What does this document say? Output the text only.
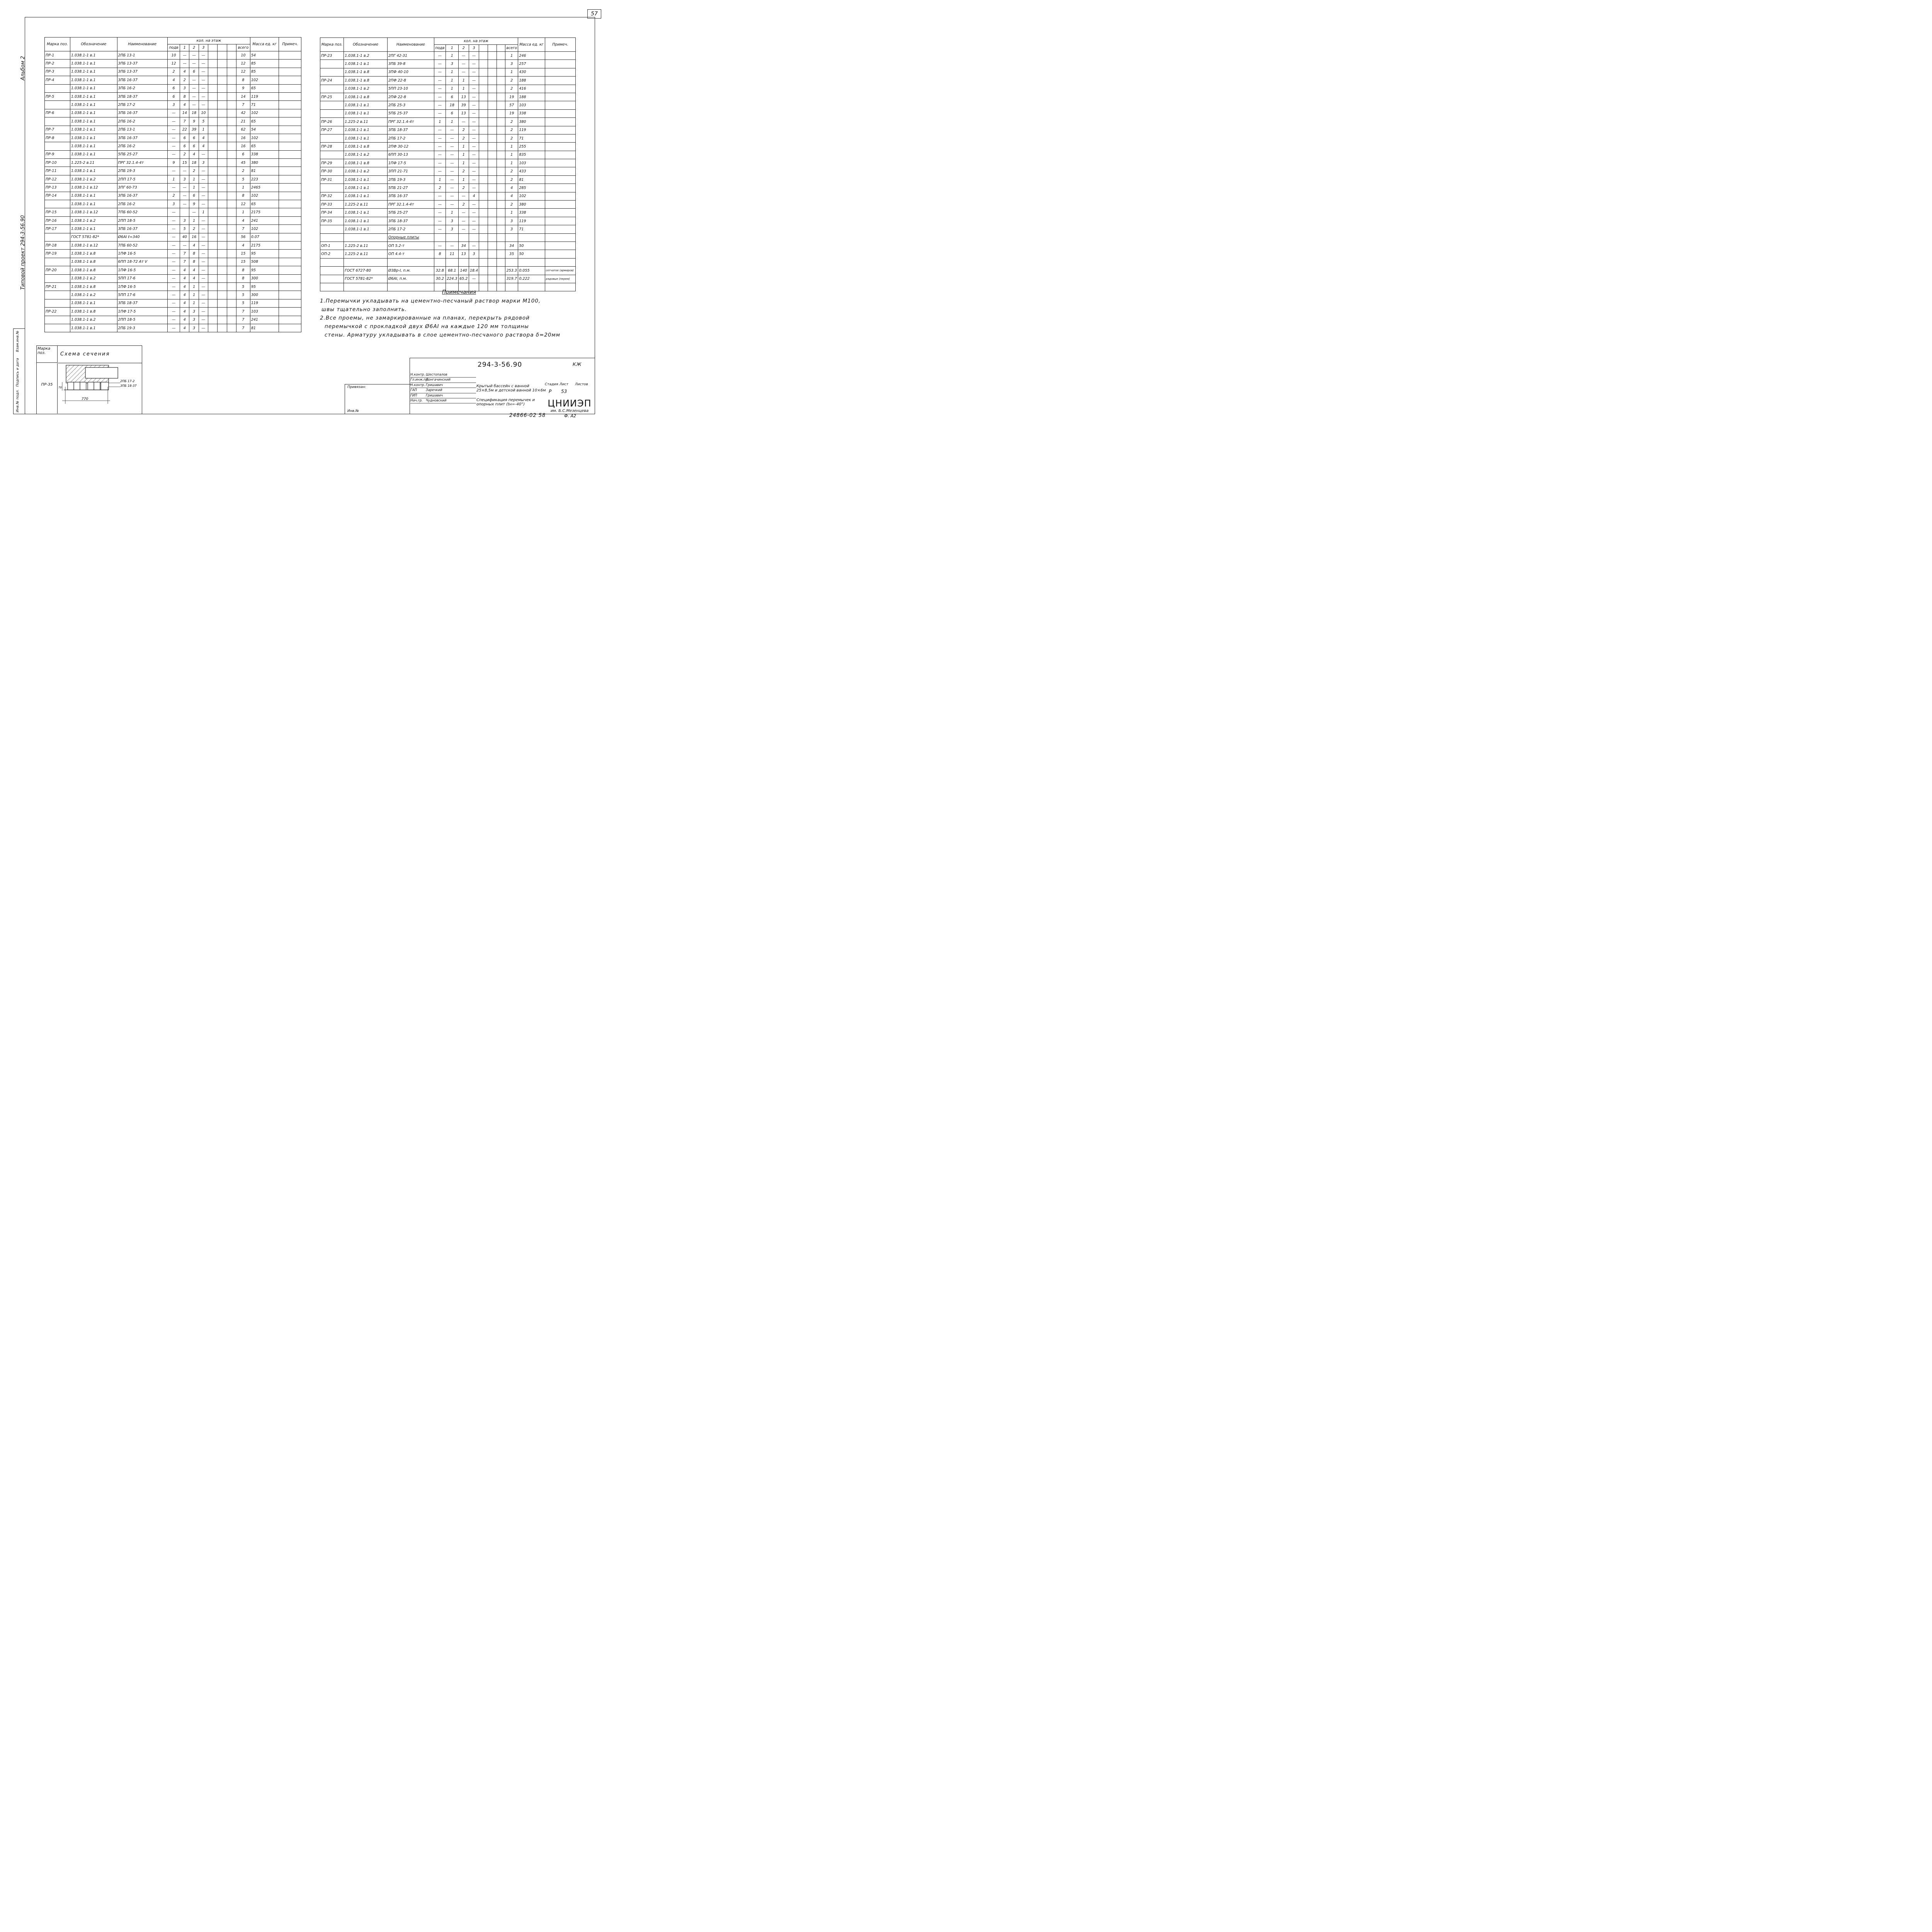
57
Альбом 2
Типовой проект 294-3-56.90
Инв.№ подл.
Подпись и дата
Взам.инв.№
Марка поз.	Обозначение	Наименование	кол. на этаж								Масса ед. кг	Примеч.
			подв	1	2	3				всего		
ПР-1	1.038.1-1 в.1	2ПБ 13-1	10	—	—	—				10	54	
ПР-2	1.038.1-1 в.1	3ПБ 13-37	12	—	—	—				12	85	
ПР-3	1.038.1-1 в.1	3ПБ 13-37	2	4	6	—				12	85	
ПР-4	1.038.1-1 в.1	3ПБ 16-37	4	2	—	—				8	102	
	1.038.1-1 в.1	3ПБ 16-2	6	3	—	—				9	65	
ПР-5	1.038.1-1 в.1	3ПБ 18-37	6	8	—	—				14	119	
	1.038.1-1 в.1	2ПБ 17-2	3	4	—	—				7	71	
ПР-6	1.038.1-1 в.1	3ПБ 16-37	—	14	18	10				42	102	
	1.038.1-1 в.1	2ПБ 16-2	—	7	9	5				21	65	
ПР-7	1.038.1-1 в.1	2ПБ 13-1	—	22	39	1				62	54	
ПР-8	1.038.1-1 в.1	3ПБ 16-37	—	6	6	4				16	102	
	1.038.1-1 в.1	2ПБ 16-2	—	6	6	4				16	65	
ПР-9	1.038.1-1 в.1	5ПБ 25-27	—	2	4	—				6	338	
ПР-10	1.225-2 в.11	ПРГ 32.1.4-4т	9	15	18	3				45	380	
ПР-11	1.038.1-1 в.1	2ПБ 19-3	—	—	2	—				2	81	
ПР-12	1.038.1-1 в.2	2ПП 17-5	1	3	1	—				5	223	
ПР-13	1.038.1-1 в.12	3ПГ 60-73	—	—	1	—				1	2465	
ПР-14	1.038.1-1 в.1	3ПБ 16-37	2	—	6	—				8	102	
	1.038.1-1 в.1	2ПБ 16-2	3	—	9	—				12	65	
ПР-15	1.038.1-1 в.12	7ПБ 60-52	—		—	1				1	2175	
ПР-16	1.038.1-1 в.2	2ПП 18-5	—	3	1	—				4	241	
ПР-17	1.038.1-1 в.1	3ПБ 16-37	—	5	2	—				7	102	
	ГОСТ 5781-82*	Ø6АI ℓ=340	—	40	16	—				56	0.07	
ПР-18	1.038.1-1 в.12	7ПБ 60-52	—	—	4	—				4	2175	
ПР-19	1.038.1-1 в.8	1ПФ 16-5	—	7	8	—				15	95	
	1.038.1-1 в.8	6ПП 18-72 Ат V	—	7	8	—				15	508	
ПР-20	1.038.1-1 в.8	1ПФ 16-5	—	4	4	—				8	95	
	1.038.1-1 в.2	5ПП 17-6	—	4	4	—				8	300	
ПР-21	1.038.1-1 в.8	1ПФ 16-5	—	4	1	—				5	95	
	1.038.1-1 в.2	5ПП 17-6	—	4	1	—				5	300	
	1.038.1-1 в.1	3ПБ 18-37	—	4	1	—				5	119	
ПР-22	1.038.1-1 в.8	1ПФ 17-5	—	4	3	—				7	103	
	1.038.1-1 в.2	2ПП 18-5	—	4	3	—				7	241	
	1.038.1-1 в.1	2ПБ 19-3	—	4	3	—				7	81	
Марка поз.	Обозначение	Наименование	кол. на этаж								Масса ед. кг	Примеч.
			подв	1	2	3				всего		
ПР-23	1.038.1-1 в.2	2ПГ 42-31	—	1	—	—				1	246	
	1.038.1-1 в.1	3ПБ 39-8	—	3	—	—				3	257	
	1.038.1-1 в.8	3ПФ 40-10	—	1	—	—				1	430	
ПР-24	1.038.1-1 в.8	2ПФ 22-8	—	1	1	—				2	188	
	1.038.1-1 в.2	5ПП 23-10	—	1	1	—				2	416	
ПР-25	1.038.1-1 в.8	2ПФ 22-8	—	6	13	—				19	188	
	1.038.1-1 в.1	2ПБ 25-3	—	18	39	—				57	103	
	1.038.1-1 в.1	5ПБ 25-37	—	6	13	—				19	338	
ПР-26	1.225-2 в.11	ПРГ 32.1.4-4т	1	1	—	—				2	380	
ПР-27	1.038.1-1 в.1	3ПБ 18-37	—	—	2	—				2	119	
	1.038.1-1 в.1	2ПБ 17-2	—	—	2	—				2	71	
ПР-28	1.038.1-1 в.8	2ПФ 30-12	—	—	1	—				1	255	
	1.038.1-1 в.2	6ПП 30-13	—	—	1	—				1	835	
ПР-29	1.038.1-1 в.8	1ПФ 17-5	—	—	1	—				1	103	
ПР-30	1.038.1-1 в.2	3ПП 21-71	—	—	2	—				2	433	
ПР-31	1.038.1-1 в.1	2ПБ 19-3	1	—	1	—				2	81	
	1.038.1-1 в.1	5ПБ 21-27	2	—	2	—				4	285	
ПР-32	1.038.1-1 в.1	3ПБ 16-37	—	—	—	4				4	102	
ПР-33	1.225-2 в.11	ПРГ 32.1.4-4т	—	—	2	—				2	380	
ПР-34	1.038.1-1 в.1	5ПБ 25-27	—	1	—	—				1	338	
ПР-35	1.038.1-1 в.1	3ПБ 18-37	—	3	—	—				3	119	
	1.038.1-1 в.1	2ПБ 17-2	—	3	—	—				3	71	
		Опорные плиты										
ОП-1	1.225-2 в.11	ОП 5.2-т	—	—	34	—				34	50	
ОП-2	1.225-2 в.11	ОП 4.4-т	8	11	13	3				35	50	

	ГОСТ 6727-80	Ø3Вр-I, п.м.	32.8	68.1	140	18.4				253.3	0.055	сетчатое (армиров)
	ГОСТ 5781-82*	Ø6АI, п.м.	30.2	224.3	65.2	—				319.7	0.222	рядовые (перем)

Примечания
1.Перемычки укладывать на цементно-песчаный раствор марки М100,
швы тщательно заполнить.
2.Все проемы, не замаркированные на планах, перекрыть рядовой
перемычкой с прокладкой двух Ø6АI на каждые 120 мм толщины
стены. Арматуру укладывать в слое цементно-песчаного раствора δ=20мм
Марка поз.	Схема сечения
ПР-35
2ПБ 17-2
3ПБ 18-37
770
70	Привязан:
Инв.№
294-3-56.90	КЖ
Н.контр. Шестопалов
Гл.инж.пр.Лонгачинский
Н.контр. Гришавич
ГАП	Заречкий
ГИП	Гришавич
Нач.гр. Чудновский
Крытый бассейн с ванной 25×8,5м и детской ванной 10×6м
Спецификация перемычек и опорных плит (tн=-40°)
Стадия Лист Листов
Р 53
ЦНИИЭП
им. Б.С.Мезенцева
24866-02 58	Ф. А2
